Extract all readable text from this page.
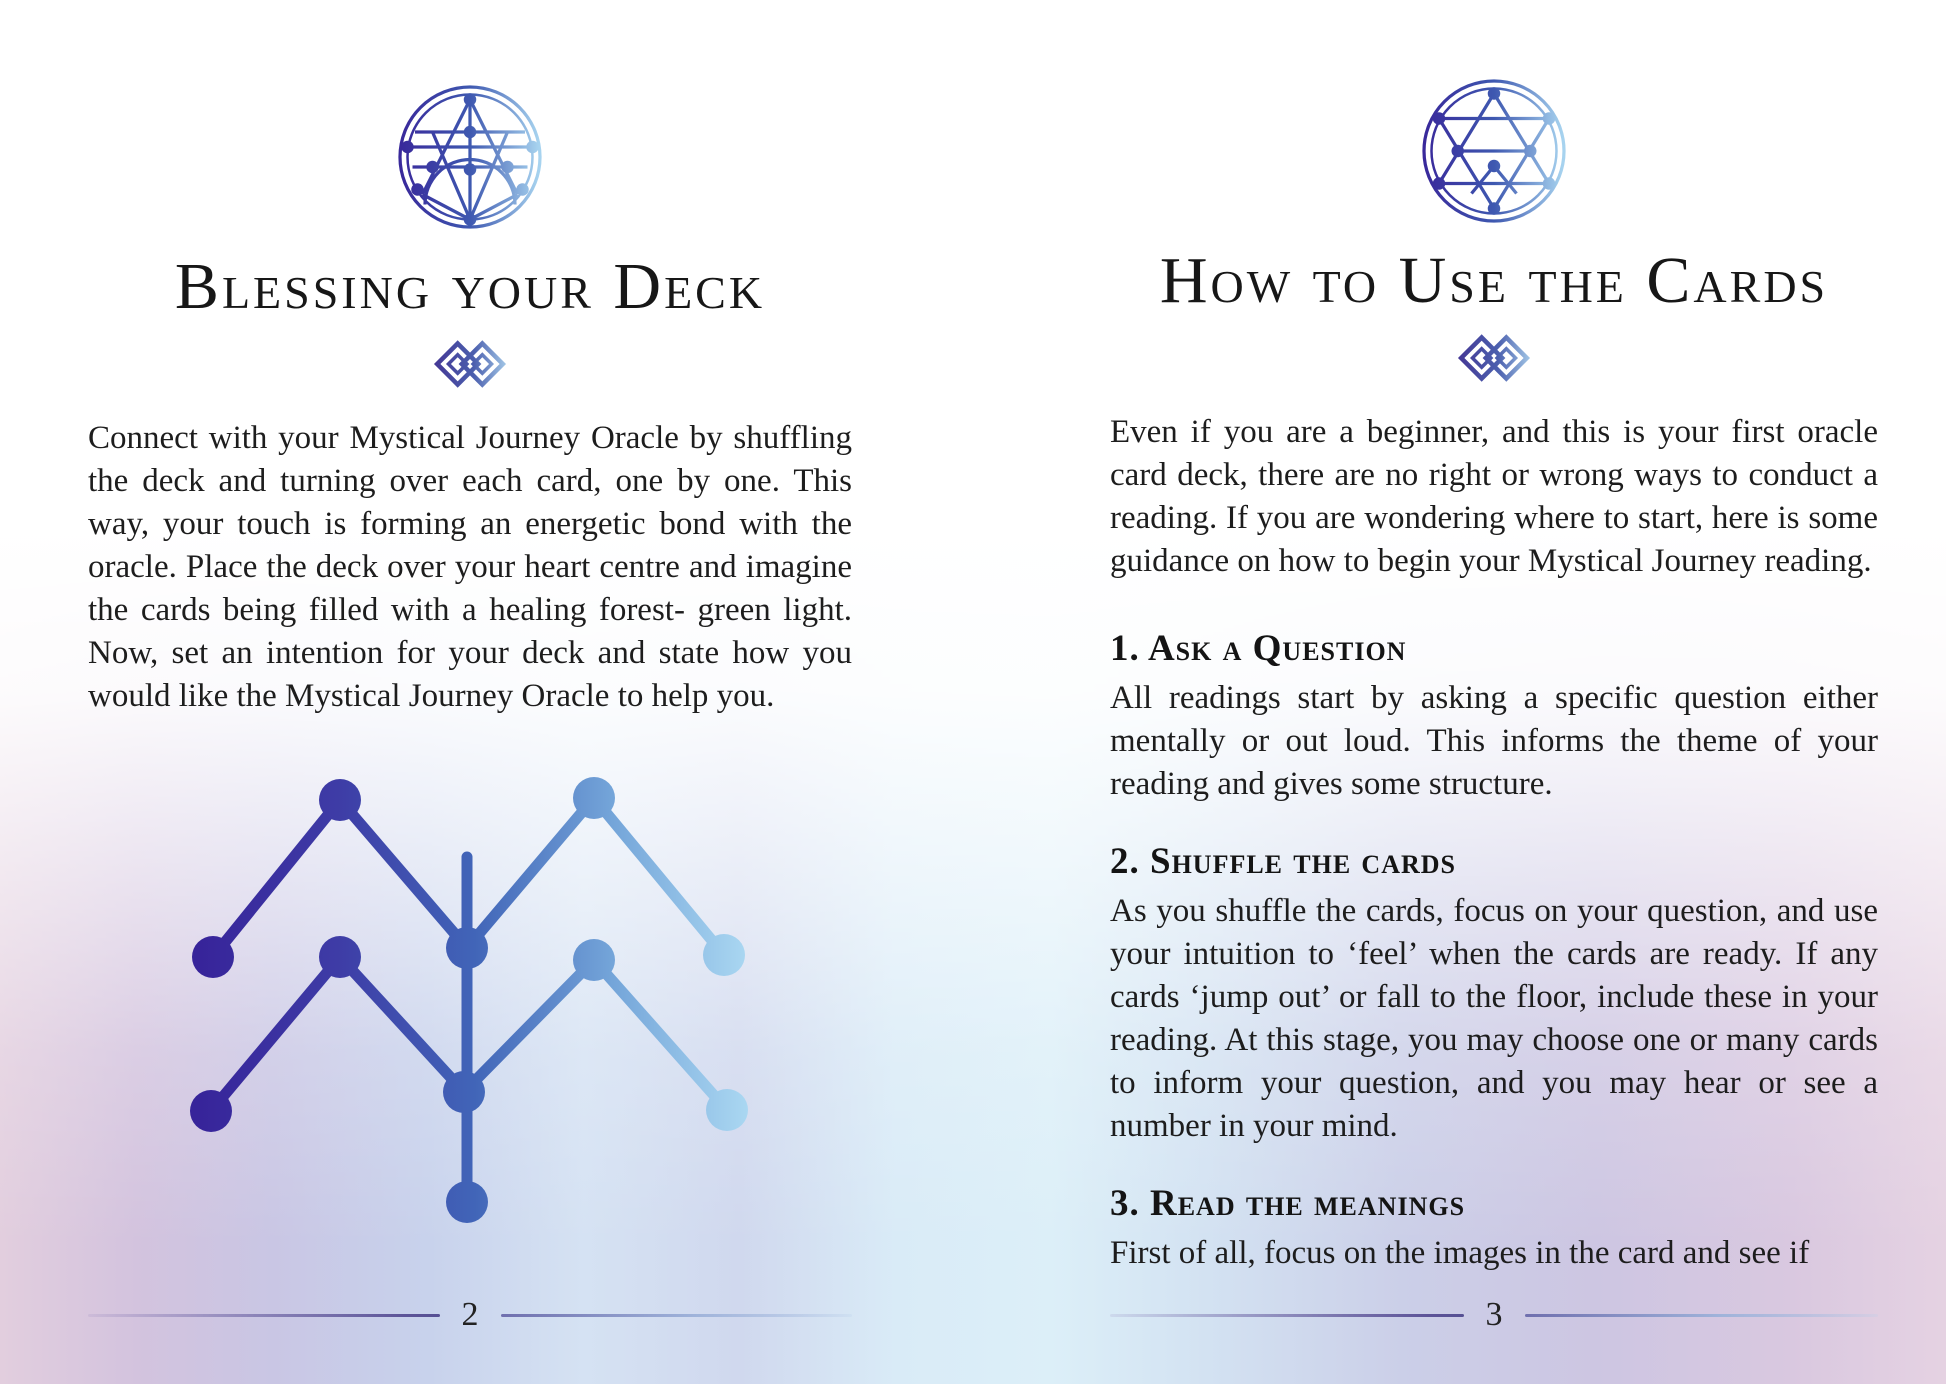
Blessing your Deck

Connect with your Mystical Journey Oracle by shuffling the deck and turning over each card, one by one. This way, your touch is forming an energetic bond with the oracle. Place the deck over your heart centre and imagine the cards being filled with a healing forest- green light. Now, set an intention for your deck and state how you would like the Mystical Journey Oracle to help you.

2
How to Use the Cards

Even if you are a beginner, and this is your first oracle card deck, there are no right or wrong ways to conduct a reading. If you are wondering where to start, here is some guidance on how to begin your Mystical Journey reading.

1. Ask a Question

All readings start by asking a specific question either mentally or out loud. This informs the theme of your reading and gives some structure.

2. Shuffle the cards

As you shuffle the cards, focus on your question, and use your intuition to ‘feel’ when the cards are ready. If any cards ‘jump out’ or fall to the floor, include these in your reading. At this stage, you may choose one or many cards to inform your question, and you may hear or see a number in your mind.

3. Read the meanings

First of all, focus on the images in the card and see if

3
